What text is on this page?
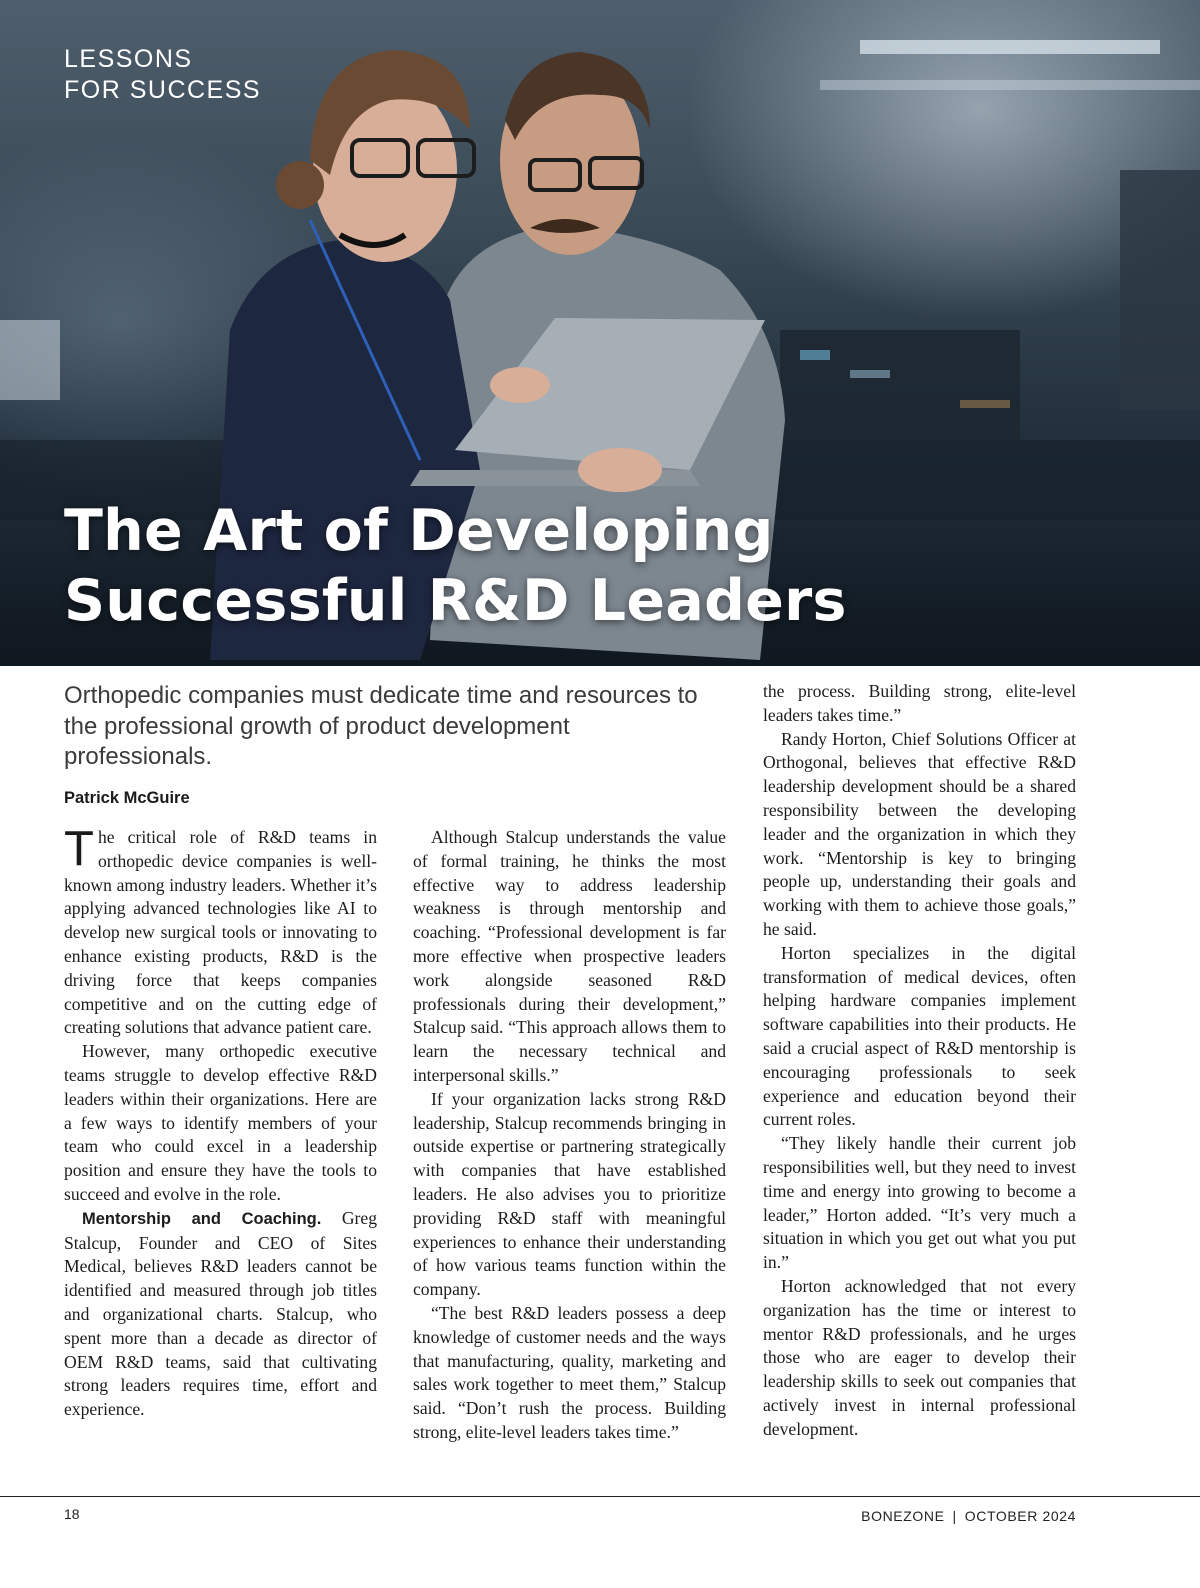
LESSONS
FOR SUCCESS
The Art of Developing
Successful R&D Leaders

Orthopedic companies must dedicate time and resources to the professional growth of product development professionals.

Patrick McGuire

The critical role of R&D teams in orthopedic device companies is well-known among industry leaders. Whether it’s applying advanced technologies like AI to develop new surgical tools or innovating to enhance existing products, R&D is the driving force that keeps companies competitive and on the cutting edge of creating solutions that advance patient care.

However, many orthopedic executive teams struggle to develop effective R&D leaders within their organizations. Here are a few ways to identify members of your team who could excel in a leadership position and ensure they have the tools to succeed and evolve in the role.

Mentorship and Coaching. Greg Stalcup, Founder and CEO of Sites Medical, believes R&D leaders cannot be identified and measured through job titles and organizational charts. Stalcup, who spent more than a decade as director of OEM R&D teams, said that cultivating strong leaders requires time, effort and experience.

Although Stalcup understands the value of formal training, he thinks the most effective way to address leadership weakness is through mentorship and coaching. “Professional development is far more effective when prospective leaders work alongside seasoned R&D professionals during their development,” Stalcup said. “This approach allows them to learn the necessary technical and interpersonal skills.”

If your organization lacks strong R&D leadership, Stalcup recommends bringing in outside expertise or partnering strategically with companies that have established leaders. He also advises you to prioritize providing R&D staff with meaningful experiences to enhance their understanding of how various teams function within the company.

“The best R&D leaders possess a deep knowledge of customer needs and the ways that manufacturing, quality, marketing and sales work together to meet them,” Stalcup said. “Don’t rush the process. Building strong, elite-level leaders takes time.”

the process. Building strong, elite-level leaders takes time.”

Randy Horton, Chief Solutions Officer at Orthogonal, believes that effective R&D leadership development should be a shared responsibility between the developing leader and the organization in which they work. “Mentorship is key to bringing people up, understanding their goals and working with them to achieve those goals,” he said.

Horton specializes in the digital transformation of medical devices, often helping hardware companies implement software capabilities into their products. He said a crucial aspect of R&D mentorship is encouraging professionals to seek experience and education beyond their current roles.

“They likely handle their current job responsibilities well, but they need to invest time and energy into growing to become a leader,” Horton added. “It’s very much a situation in which you get out what you put in.”

Horton acknowledged that not every organization has the time or interest to mentor R&D professionals, and he urges those who are eager to develop their leadership skills to seek out companies that actively invest in internal professional development.

18	BONEZONE | OCTOBER 2024
